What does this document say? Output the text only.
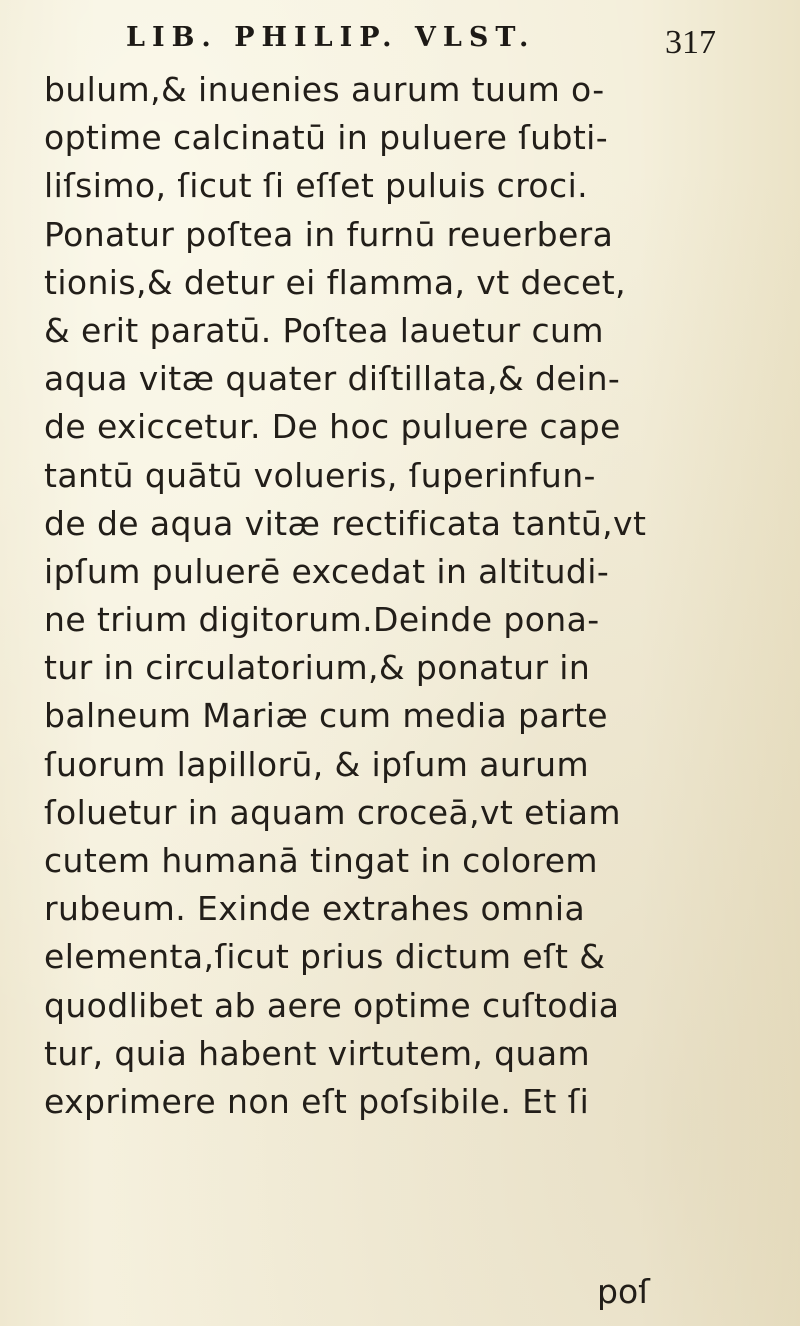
LIB. PHILIP. VLST.	317
bulum,& inuenies aurum tuum o-
optime calcinatū in puluere ſubti-
liſsimo, ſicut ſi eſſet puluis croci.
Ponatur poſtea in furnū reuerbera
tionis,& detur ei flamma, vt decet,
& erit paratū. Poſtea lauetur cum
aqua vitæ quater diſtillata,& dein-
de exiccetur. De hoc puluere cape
tantū quātū volueris, ſuperinfun-
de de aqua vitæ rectificata tantū,vt
ipſum puluerē excedat in altitudi-
ne trium digitorum.Deinde pona-
tur in circulatorium,& ponatur in
balneum Mariæ cum media parte
ſuorum lapillorū, & ipſum aurum
ſoluetur in aquam croceā,vt etiam
cutem humanā tingat in colorem
rubeum. Exinde extrahes omnia
elementa,ſicut prius dictum eſt &
quodlibet ab aere optime cuſtodia
tur, quia habent virtutem, quam
exprimere non eſt poſsibile. Et ſi
poſ
